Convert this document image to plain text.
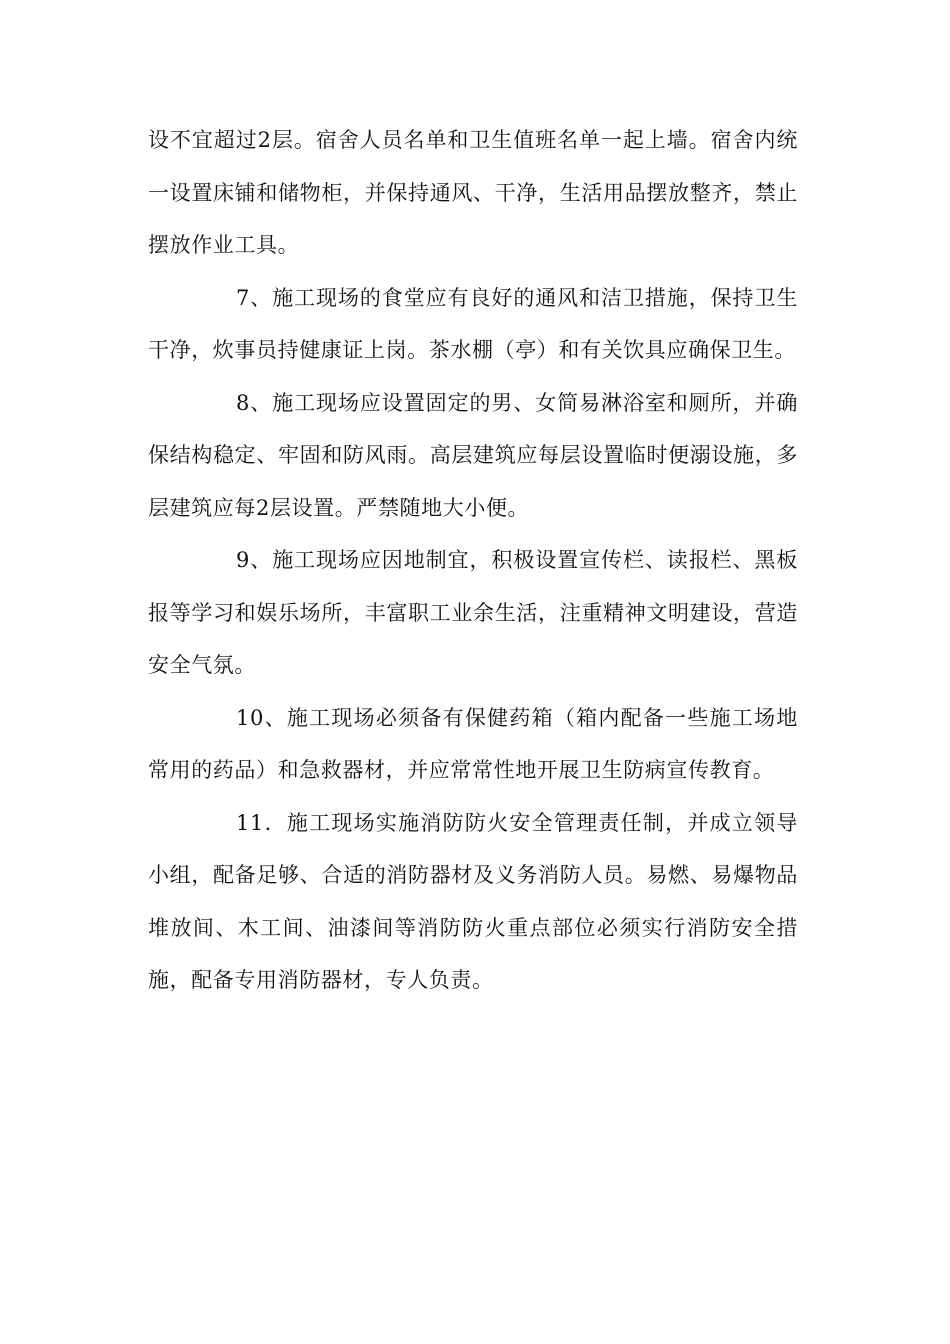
设不宜超过2层。宿舍人员名单和卫生值班名单一起上墙。宿舍内统一设置床铺和储物柜，并保持通风、干净，生活用品摆放整齐，禁止摆放作业工具。

7、施工现场的食堂应有良好的通风和洁卫措施，保持卫生干净，炊事员持健康证上岗。茶水棚（亭）和有关饮具应确保卫生。

8、施工现场应设置固定的男、女简易淋浴室和厕所，并确保结构稳定、牢固和防风雨。高层建筑应每层设置临时便溺设施，多层建筑应每2层设置。严禁随地大小便。

9、施工现场应因地制宜，积极设置宣传栏、读报栏、黑板报等学习和娱乐场所，丰富职工业余生活，注重精神文明建设，营造安全气氛。

10、施工现场必须备有保健药箱（箱内配备一些施工场地常用的药品）和急救器材，并应常常性地开展卫生防病宣传教育。

11．施工现场实施消防防火安全管理责任制，并成立领导小组，配备足够、合适的消防器材及义务消防人员。易燃、易爆物品堆放间、木工间、油漆间等消防防火重点部位必须实行消防安全措施，配备专用消防器材，专人负责。
